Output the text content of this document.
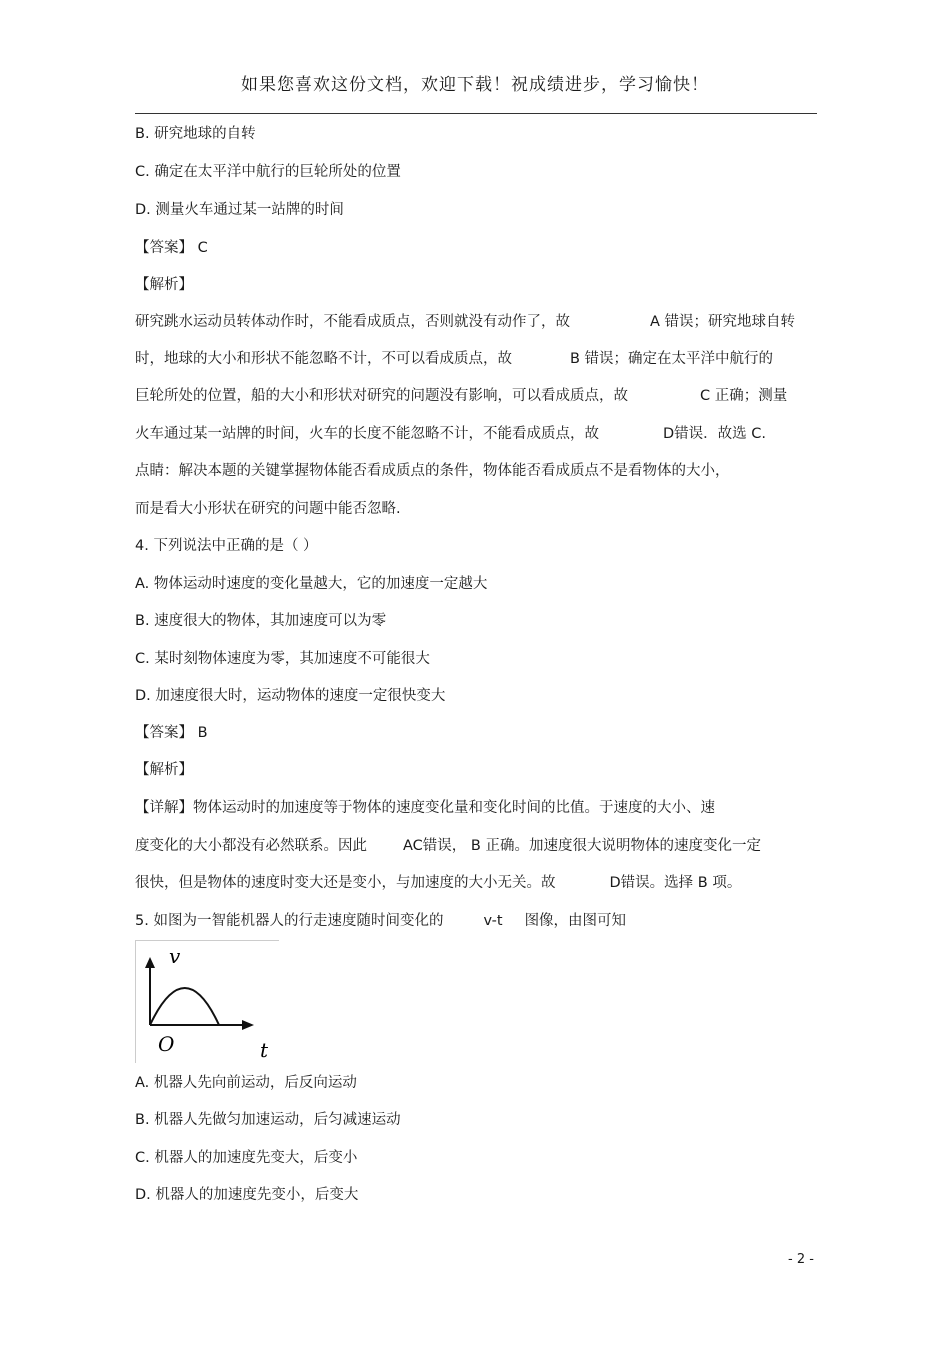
如果您喜欢这份文档，欢迎下载！祝成绩进步，学习愉快！
B. 研究地球的自转
C. 确定在太平洋中航行的巨轮所处的位置
D. 测量火车通过某一站牌的时间
【答案】 C
【解析】
研究跳水运动员转体动作时，不能看成质点，否则就没有动作了，故	A 错误；研究地球自转
时，地球的大小和形状不能忽略不计，不可以看成质点，故	B 错误；确定在太平洋中航行的
巨轮所处的位置，船的大小和形状对研究的问题没有影响，可以看成质点，故	C 正确；测量
火车通过某一站牌的时间，火车的长度不能忽略不计，不能看成质点，故	D错误．故选 C.
点睛：解决本题的关键掌握物体能否看成质点的条件，物体能否看成质点不是看物体的大小，
而是看大小形状在研究的问题中能否忽略.
4. 下列说法中正确的是（ ）
A. 物体运动时速度的变化量越大，它的加速度一定越大
B. 速度很大的物体，其加速度可以为零
C. 某时刻物体速度为零，其加速度不可能很大
D. 加速度很大时，运动物体的速度一定很快变大
【答案】 B
【解析】
【详解】物体运动时的加速度等于物体的速度变化量和变化时间的比值。于速度的大小、速
度变化的大小都没有必然联系。因此 AC错误， B 正确。加速度很大说明物体的速度变化一定
很快，但是物体的速度时变大还是变小，与加速度的大小无关。故	D错误。选择 B 项。
5. 如图为一智能机器人的行走速度随时间变化的	v-t 图像，由图可知
v
O	t
A. 机器人先向前运动，后反向运动
B. 机器人先做匀加速运动，后匀减速运动
C. 机器人的加速度先变大，后变小
D. 机器人的加速度先变小，后变大
- 2 -
